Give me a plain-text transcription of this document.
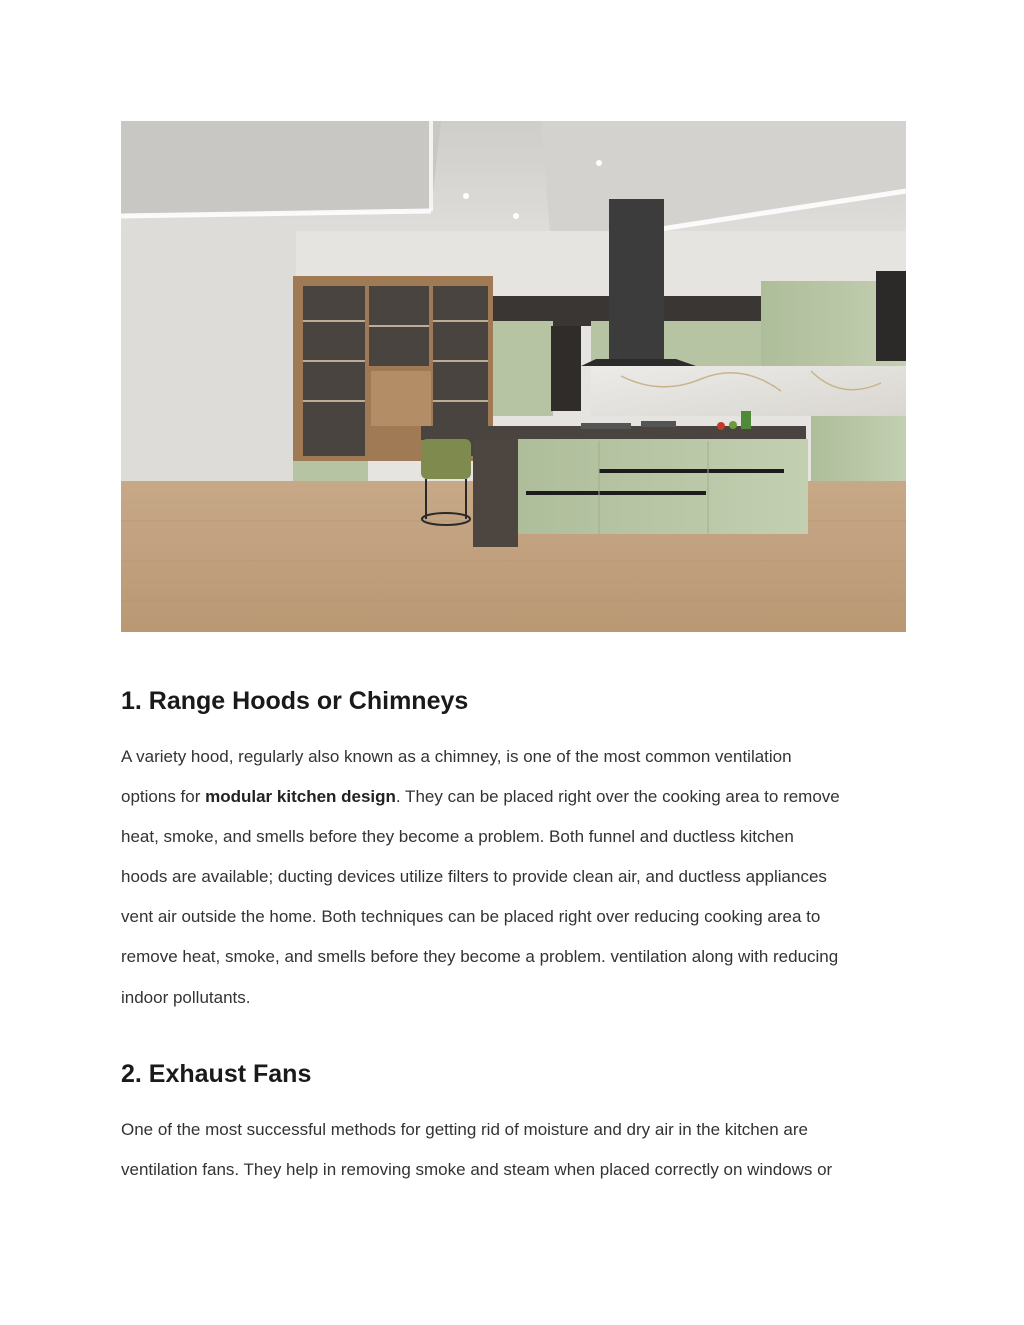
1. Range Hoods or Chimneys

A variety hood, regularly also known as a chimney, is one of the most common ventilation
options for modular kitchen design. They can be placed right over the cooking area to remove
heat, smoke, and smells before they become a problem. Both funnel and ductless kitchen
hoods are available; ducting devices utilize filters to provide clean air, and ductless appliances
vent air outside the home. Both techniques can be placed right over reducing cooking area to
remove heat, smoke, and smells before they become a problem. ventilation along with reducing
indoor pollutants.

2. Exhaust Fans

One of the most successful methods for getting rid of moisture and dry air in the kitchen are
ventilation fans. They help in removing smoke and steam when placed correctly on windows or
